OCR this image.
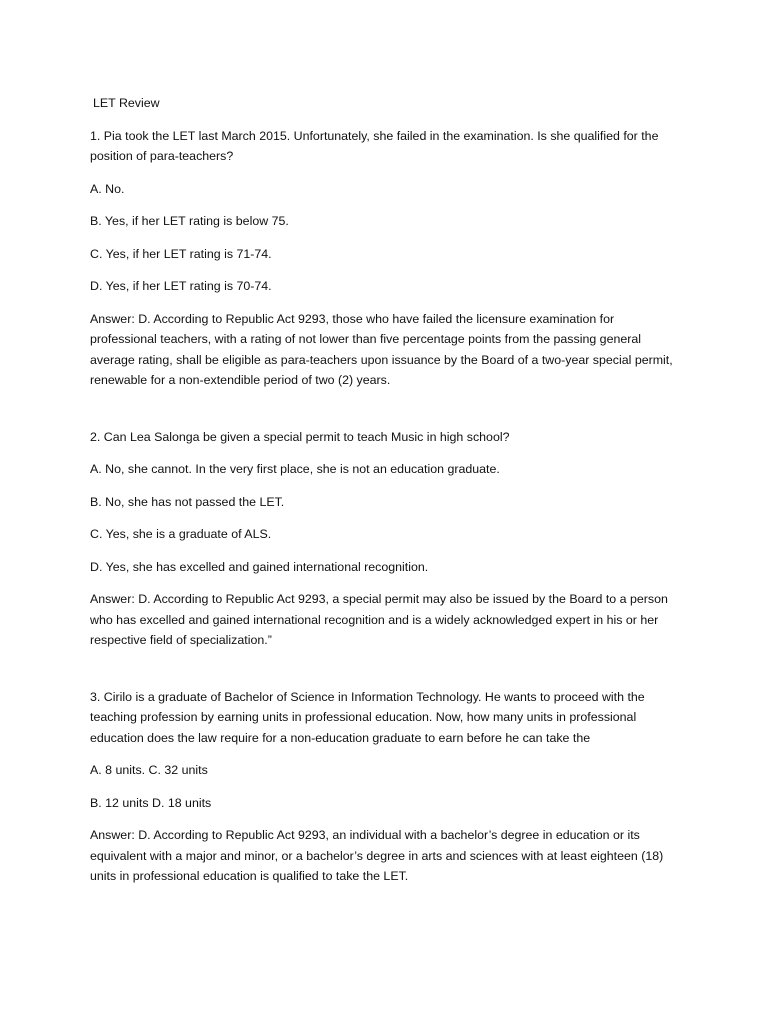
LET Review

1. Pia took the LET last March 2015. Unfortunately, she failed in the examination. Is she qualified for the position of para-teachers?

A. No.

B. Yes, if her LET rating is below 75.

C. Yes, if her LET rating is 71-74.

D. Yes, if her LET rating is 70-74.

Answer: D. According to Republic Act 9293, those who have failed the licensure examination for professional teachers, with a rating of not lower than five percentage points from the passing general average rating, shall be eligible as para-teachers upon issuance by the Board of a two-year special permit, renewable for a non-extendible period of two (2) years.

2. Can Lea Salonga be given a special permit to teach Music in high school?

A. No, she cannot. In the very first place, she is not an education graduate.

B. No, she has not passed the LET.

C. Yes, she is a graduate of ALS.

D. Yes, she has excelled and gained international recognition.

Answer: D. According to Republic Act 9293, a special permit may also be issued by the Board to a person who has excelled and gained international recognition and is a widely acknowledged expert in his or her respective field of specialization.”

3. Cirilo is a graduate of Bachelor of Science in Information Technology. He wants to proceed with the teaching profession by earning units in professional education. Now, how many units in professional education does the law require for a non-education graduate to earn before he can take the

A. 8 units. C. 32 units

B. 12 units D. 18 units

Answer: D. According to Republic Act 9293, an individual with a bachelor’s degree in education or its equivalent with a major and minor, or a bachelor’s degree in arts and sciences with at least eighteen (18) units in professional education is qualified to take the LET.
